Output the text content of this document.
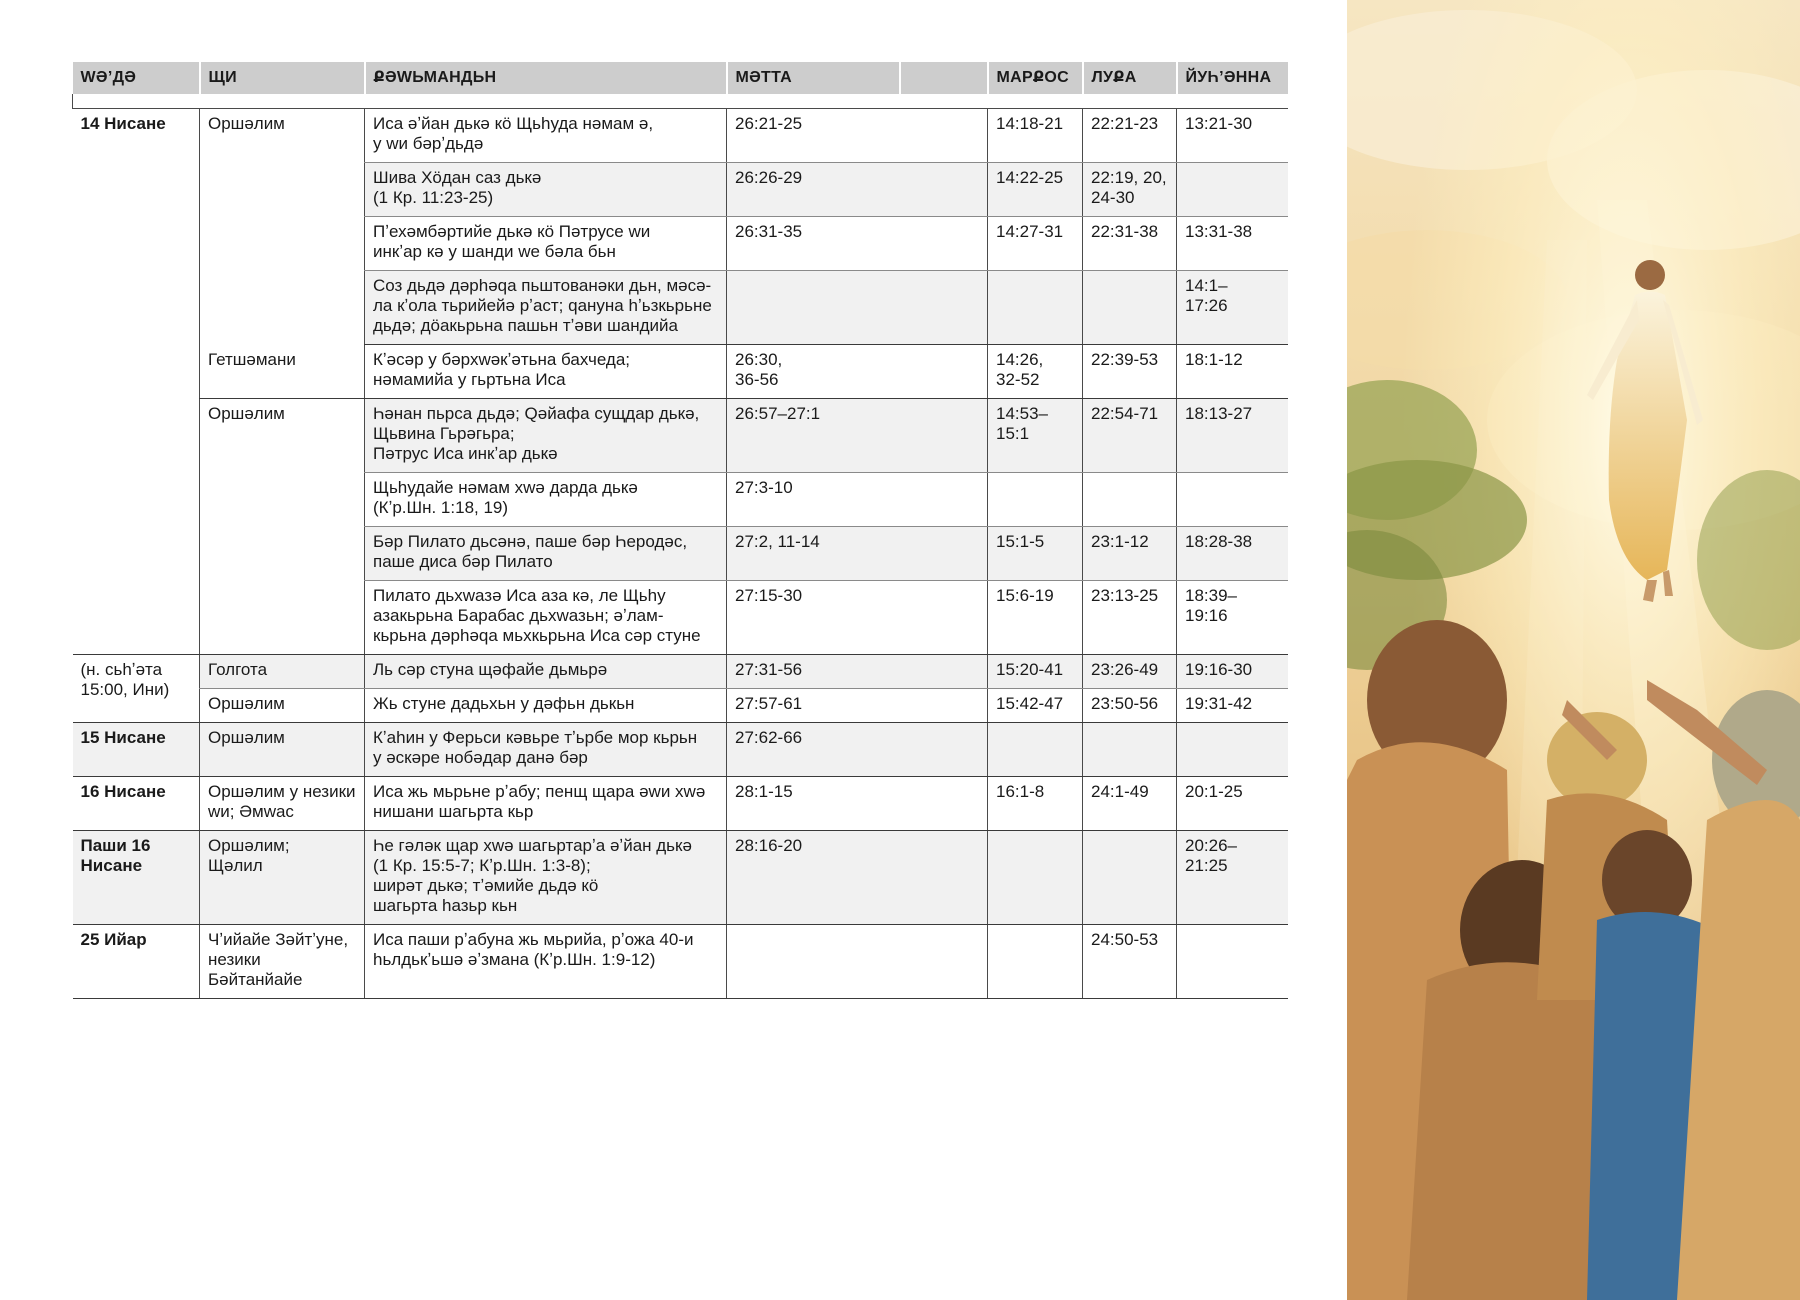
WƏʼДƏ	ЩИ	ՔƏWЬМАНДЬН	МƏТТА		МАРՔОС	ЛУՔА	ЙУҺʼƏННА

14 Нисане	Оршəлим	Иса əʼйан дькə кö Щьһуда нəмам ə,
у wи бəрʼдьдə	26:21-25		14:18-21	22:21-23	13:21-30
		Шива Хöдан саз дькə
(1 Кр. 11:23-25)	26:26-29		14:22-25	22:19, 20,
24-30	
		Пʼехəмбəртийе дькə кö Пəтрусе wи
инкʼар кə у шанди wе бəла бьн	26:31-35		14:27-31	22:31-38	13:31-38
		Соз дьдə дəрһəqа пьштованəки дьн, мəсə-
ла кʼола тьрийейə рʼаст; qануна һʼьзкьрьне
дьдə; дöакьрьна пашьн тʼəви шандийа					14:1–
17:26
	Гетшəмани	Кʼəсəр у бəрхwəкʼəтьна бахчеда;
нəмамийа у гьртьна Иса	26:30,
36-56		14:26,
32-52	22:39-53	18:1-12
	Оршəлим	Һəнан пьрса дьдə; Qəйафа сущдар дькə,
Щьвина Гьрəгьра;
Пəтрус Иса инкʼар дькə	26:57–27:1		14:53–
15:1	22:54-71	18:13-27
		Щьһудайе нəмам хwə дарда дькə
(Кʼр.Шн. 1:18, 19)	27:3-10				
		Бəр Пилато дьсəнə, паше бəр Һеродəс,
паше диса бəр Пилато	27:2, 11-14		15:1-5	23:1-12	18:28-38
		Пилато дьхwазə Иса аза кə, ле Щьһу
азакьрьна Барабас дьхwазьн; əʼлам-
кьрьна дəрһəqа мьхкьрьна Иса сəр стуне	27:15-30		15:6-19	23:13-25	18:39–
19:16
(н. сьһʼəта
15:00, Ини)	Голгота	Ль сəр стуна щəфайе дьмьрə	27:31-56		15:20-41	23:26-49	19:16-30
	Оршəлим	Жь стуне дадьхьн у дəфьн дькьн	27:57-61		15:42-47	23:50-56	19:31-42
15 Нисане	Оршəлим	Кʼаһин у Ферьси кəвьре тʼьрбе мор кьрьн
у əскəре нобəдар данə бəр	27:62-66				
16 Нисане	Оршəлим у незики
wи; Əмwас	Иса жь мьрьне рʼабу; пенщ щара əwи хwə
нишани шагьрта кьр	28:1-15		16:1-8	24:1-49	20:1-25
Паши 16
Нисане	Оршəлим;
Щəлил	Һе гəлəк щар хwə шагьртарʼа əʼйан дькə
(1 Кр. 15:5-7; Кʼр.Шн. 1:3-8);
ширəт дькə; тʼəмийе дьдə кö
шагьрта һазьр кьн	28:16-20				20:26–
21:25
25 Ийар	Чʼийайе Зəйтʼуне,
незики Бəйтанйайе	Иса паши рʼабуна жь мьрийа, рʼожа 40-и
һьлдькʼьшə əʼзмана (Кʼр.Шн. 1:9-12)				24:50-53	
